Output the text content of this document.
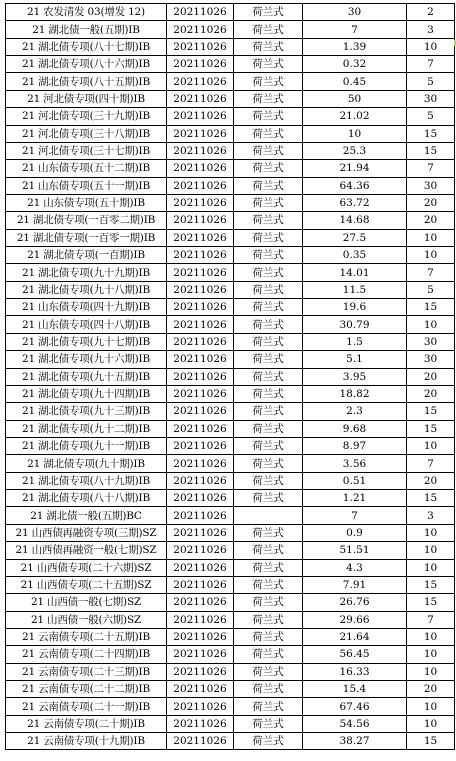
21 农发清发 03(增发 12)	20211026	荷兰式	30	2
21 湖北债一般(五期)IB	20211026	荷兰式	7	3
21 湖北债专项(八十七期)IB	20211026	荷兰式	1.39	10
21 湖北债专项(八十六期)IB	20211026	荷兰式	0.32	7
21 湖北债专项(八十五期)IB	20211026	荷兰式	0.45	5
21 河北债专项(四十期)IB	20211026	荷兰式	50	30
21 河北债专项(三十九期)IB	20211026	荷兰式	21.02	5
21 河北债专项(三十八期)IB	20211026	荷兰式	10	15
21 河北债专项(三十七期)IB	20211026	荷兰式	25.3	15
21 山东债专项(五十二期)IB	20211026	荷兰式	21.94	7
21 山东债专项(五十一期)IB	20211026	荷兰式	64.36	30
21 山东债专项(五十期)IB	20211026	荷兰式	63.72	20
21 湖北债专项(一百零二期)IB	20211026	荷兰式	14.68	20
21 湖北债专项(一百零一期)IB	20211026	荷兰式	27.5	10
21 湖北债专项(一百期)IB	20211026	荷兰式	0.35	10
21 湖北债专项(九十九期)IB	20211026	荷兰式	14.01	7
21 湖北债专项(九十八期)IB	20211026	荷兰式	11.5	5
21 山东债专项(四十九期)IB	20211026	荷兰式	19.6	15
21 山东债专项(四十八期)IB	20211026	荷兰式	30.79	10
21 湖北债专项(九十七期)IB	20211026	荷兰式	1.5	30
21 湖北债专项(九十六期)IB	20211026	荷兰式	5.1	30
21 湖北债专项(九十五期)IB	20211026	荷兰式	3.95	20
21 湖北债专项(九十四期)IB	20211026	荷兰式	18.82	20
21 湖北债专项(九十三期)IB	20211026	荷兰式	2.3	15
21 湖北债专项(九十二期)IB	20211026	荷兰式	9.68	15
21 湖北债专项(九十一期)IB	20211026	荷兰式	8.97	10
21 湖北债专项(九十期)IB	20211026	荷兰式	3.56	7
21 湖北债专项(八十九期)IB	20211026	荷兰式	0.51	20
21 湖北债专项(八十八期)IB	20211026	荷兰式	1.21	15
21 湖北债一般(五期)BC	20211026		7	3
21 山西债再融资专项(三期)SZ	20211026	荷兰式	0.9	10
21 山西债再融资一般(七期)SZ	20211026	荷兰式	51.51	10
21 山西债专项(二十六期)SZ	20211026	荷兰式	4.3	10
21 山西债专项(二十五期)SZ	20211026	荷兰式	7.91	15
21 山西债一般(七期)SZ	20211026	荷兰式	26.76	15
21 山西债一般(六期)SZ	20211026	荷兰式	29.66	7
21 云南债专项(二十五期)IB	20211026	荷兰式	21.64	10
21 云南债专项(二十四期)IB	20211026	荷兰式	56.45	10
21 云南债专项(二十三期)IB	20211026	荷兰式	16.33	10
21 云南债专项(二十二期)IB	20211026	荷兰式	15.4	20
21 云南债专项(二十一期)IB	20211026	荷兰式	67.46	10
21 云南债专项(二十期)IB	20211026	荷兰式	54.56	10
21 云南债专项(十九期)IB	20211026	荷兰式	38.27	15
